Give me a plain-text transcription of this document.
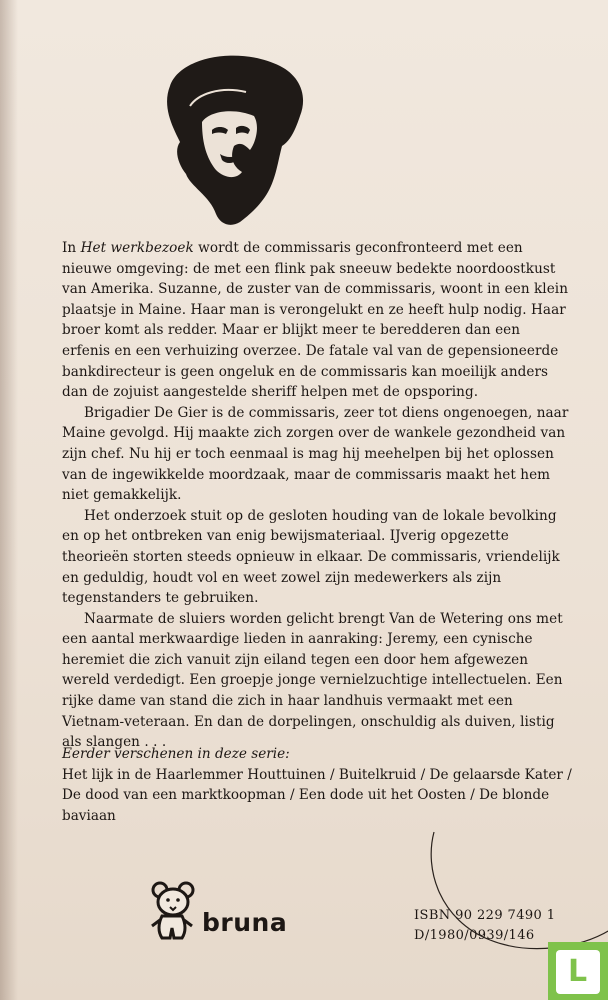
In Het werkbezoek wordt de commissaris geconfronteerd met een nieuwe omgeving: de met een flink pak sneeuw bedekte noordoostkust van Amerika. Suzanne, de zuster van de commissaris, woont in een klein plaatsje in Maine. Haar man is verongelukt en ze heeft hulp nodig. Haar broer komt als redder. Maar er blijkt meer te beredderen dan een erfenis en een verhuizing overzee. De fatale val van de gepensioneerde bankdirecteur is geen ongeluk en de commissaris kan moeilijk anders dan de zojuist aangestelde sheriff helpen met de opsporing.

Brigadier De Gier is de commissaris, zeer tot diens ongenoegen, naar Maine gevolgd. Hij maakte zich zorgen over de wankele gezondheid van zijn chef. Nu hij er toch eenmaal is mag hij meehelpen bij het oplossen van de ingewikkelde moordzaak, maar de commissaris maakt het hem niet gemakkelijk.

Het onderzoek stuit op de gesloten houding van de lokale bevolking en op het ontbreken van enig bewijsmateriaal. IJverig opgezette theorieën storten steeds opnieuw in elkaar. De commissaris, vriendelijk en geduldig, houdt vol en weet zowel zijn medewerkers als zijn tegenstanders te gebruiken.

Naarmate de sluiers worden gelicht brengt Van de Wetering ons met een aantal merkwaardige lieden in aanraking: Jeremy, een cynische heremiet die zich vanuit zijn eiland tegen een door hem afgewezen wereld verdedigt. Een groepje jonge vernielzuchtige intellectuelen. Een rijke dame van stand die zich in haar landhuis vermaakt met een Vietnam-veteraan. En dan de dorpelingen, onschuldig als duiven, listig als slangen . . .

Eerder verschenen in deze serie:
Het lijk in de Haarlemmer Houttuinen / Buitelkruid / De gelaarsde Kater / De dood van een marktkoopman / Een dode uit het Oosten / De blonde baviaan
bruna	ISBN 90 229 7490 1
D/1980/0939/146
L
